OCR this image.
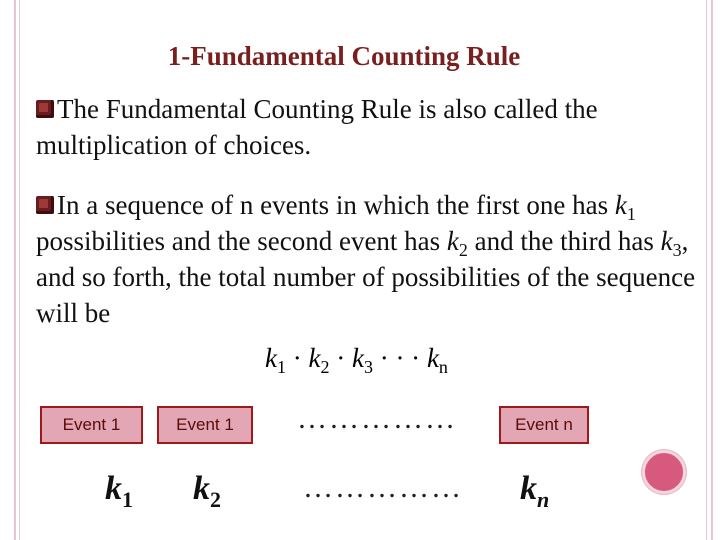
1-Fundamental Counting Rule
The Fundamental Counting Rule is also called the multiplication of choices.
In a sequence of n events in which the first one has $k_1$ possibilities and the second event has $k_2$ and the third has $k_3$, and so forth, the total number of possibilities of the sequence will be
$k_1 \cdot k_2 \cdot k_3$ · · · $k_n$
Event 1	Event 1 ……………	Event n
$k_1$ $k_2$	…………… $k_n$
